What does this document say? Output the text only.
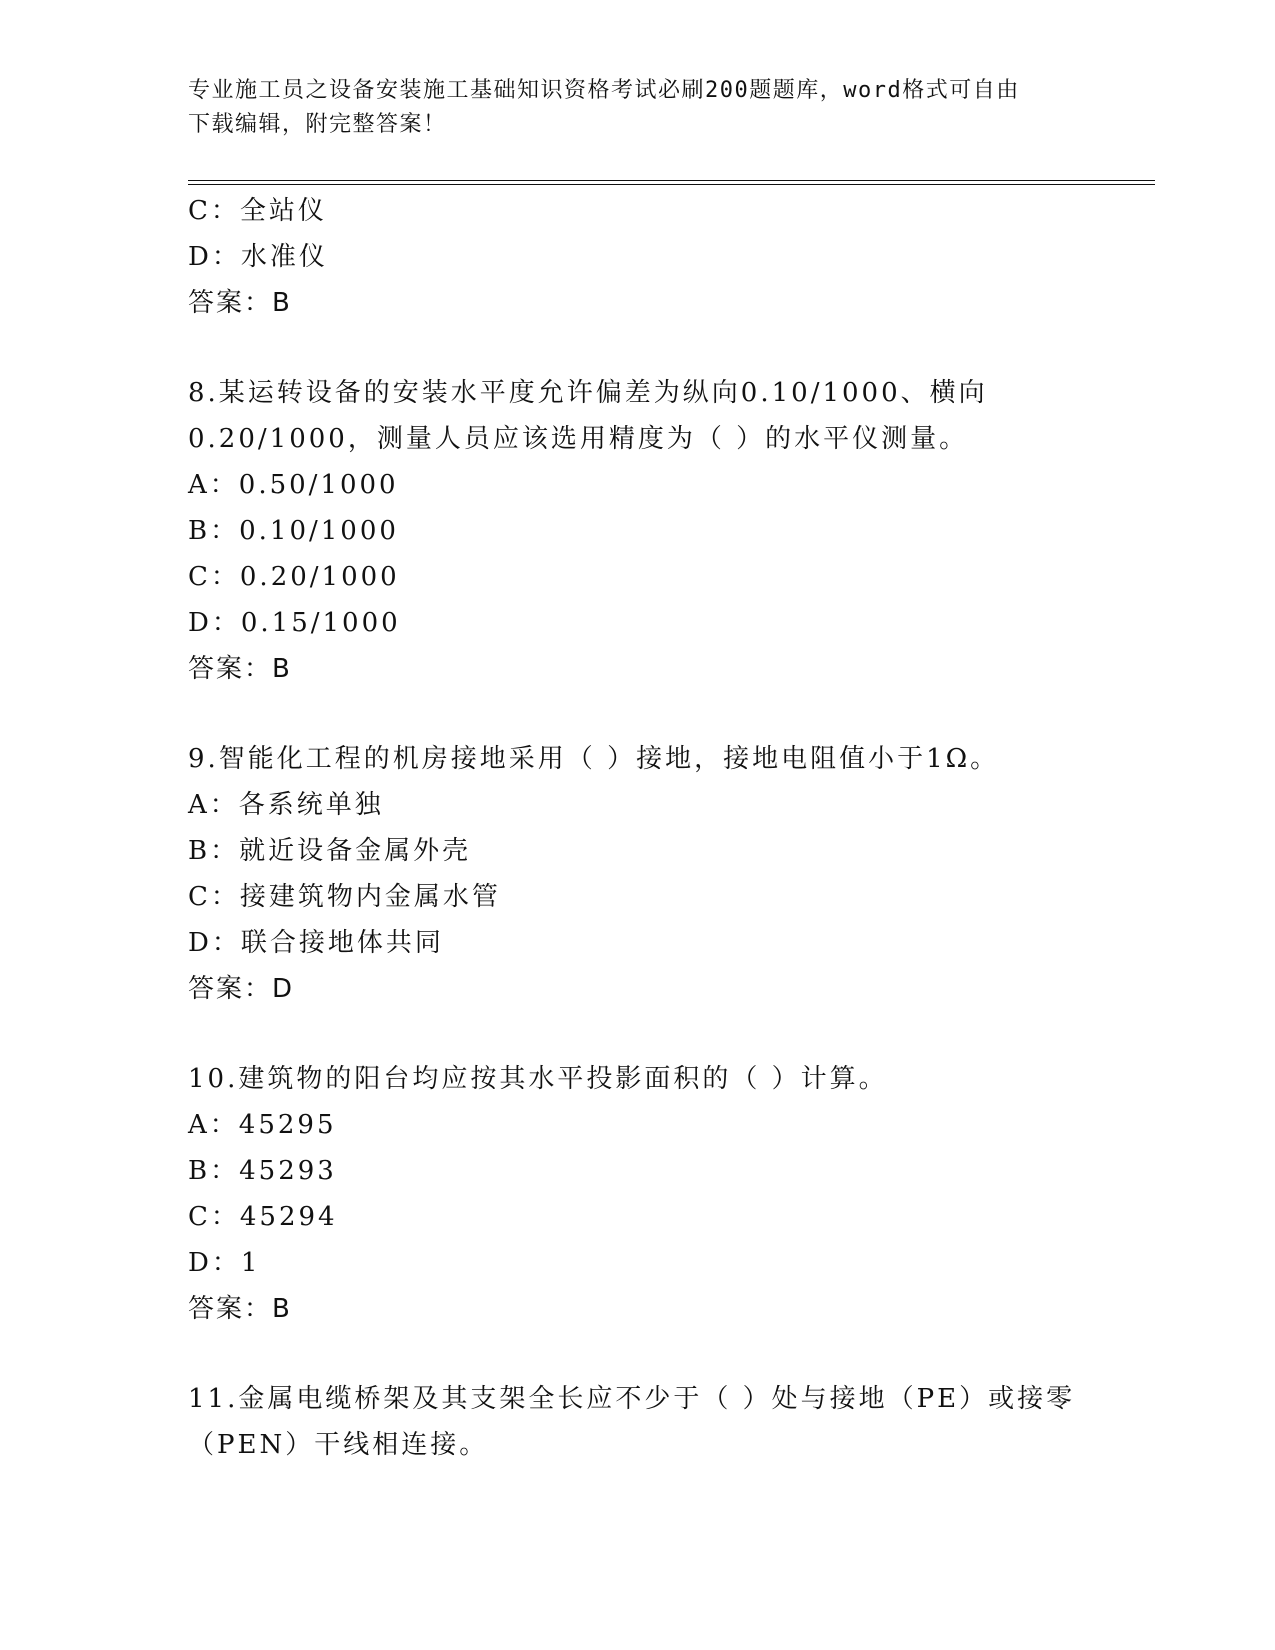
专业施工员之设备安装施工基础知识资格考试必刷200题题库，word格式可自由
下载编辑，附完整答案！

C：全站仪

D：水准仪

答案：B

8.某运转设备的安装水平度允许偏差为纵向0.10/1000、横向

0.20/1000，测量人员应该选用精度为（ ）的水平仪测量。

A：0.50/1000

B：0.10/1000

C：0.20/1000

D：0.15/1000

答案：B

9.智能化工程的机房接地采用（ ）接地，接地电阻值小于1Ω。

A：各系统单独

B：就近设备金属外壳

C：接建筑物内金属水管

D：联合接地体共同

答案：D

10.建筑物的阳台均应按其水平投影面积的（ ）计算。

A：45295

B：45293

C：45294

D：1

答案：B

11.金属电缆桥架及其支架全长应不少于（ ）处与接地（PE）或接零

（PEN）干线相连接。
